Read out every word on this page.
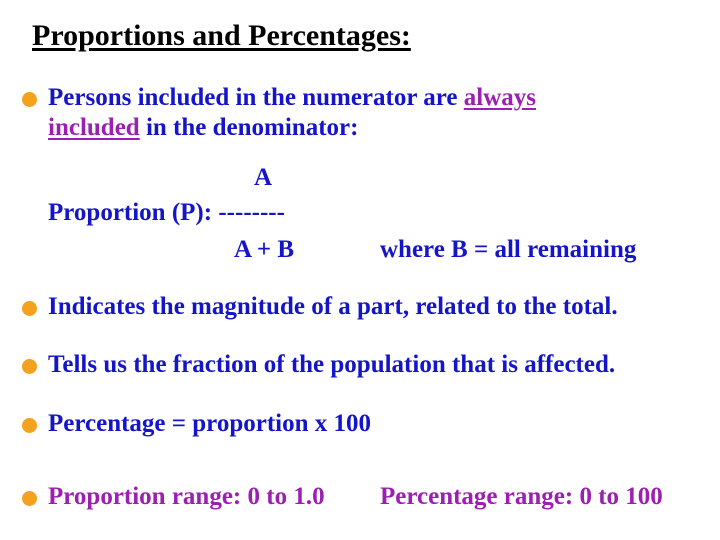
Proportions and Percentages:
Persons included in the numerator are always
included in the denominator:
A
Proportion (P): --------
A + B	where B = all remaining
Indicates the magnitude of a part, related to the total.
Tells us the fraction of the population that is affected.
Percentage = proportion x 100
Proportion range: 0 to 1.0 Percentage range: 0 to 100
